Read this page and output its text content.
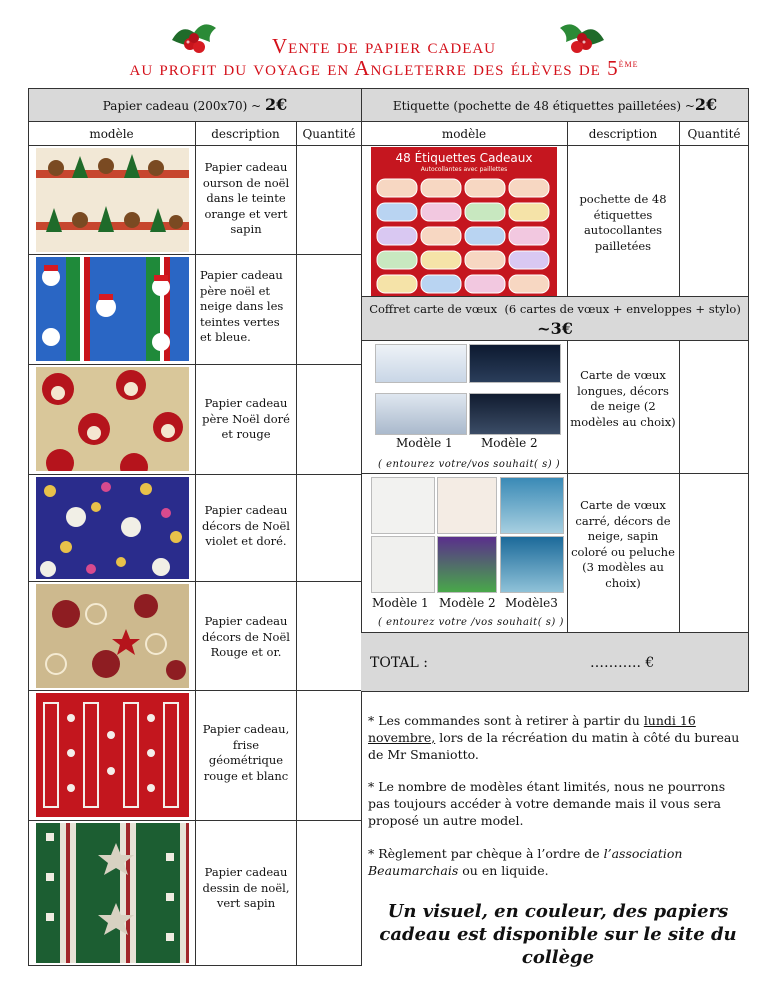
Vente de papier cadeau
au profit du voyage en Angleterre des élèves de 5ème
Papier cadeau (200x70) ~ 2€
modèle	description	Quantité
Papier cadeau ourson de noël dans le teinte orange et vert sapin
Papier cadeau père noël et neige dans les teintes vertes et bleue.
Papier cadeau père Noël doré et rouge
Papier cadeau décors de Noël violet et doré.
Papier cadeau décors de Noël Rouge et or.
Papier cadeau, frise géométrique rouge et blanc
Papier cadeau dessin de noël, vert sapin
Etiquette (pochette de 48 étiquettes pailletées) ~2€
modèle	description	Quantité
48 Étiquettes Cadeaux
Autocollantes avec paillettes
pochette de 48 étiquettes autocollantes pailletées
Coffret carte de vœux (6 cartes de vœux + enveloppes + stylo)
~3€
Modèle 1 Modèle 2
( entourez votre/vos souhait( s) )
Carte de vœux longues, décors de neige (2 modèles au choix)
Modèle 1 Modèle 2 Modèle3
( entourez votre /vos souhait( s) )
Carte de vœux carré, décors de neige, sapin coloré ou peluche (3 modèles au choix)
TOTAL :	……….. €
* Les commandes sont à retirer à partir du lundi 16 novembre, lors de la récréation du matin à côté du bureau de Mr Smaniotto.
* Le nombre de modèles étant limités, nous ne pourrons pas toujours accéder à votre demande mais il vous sera proposé un autre model.
* Règlement par chèque à l’ordre de l’association Beaumarchais ou en liquide.
Un visuel, en couleur, des papiers cadeau est disponible sur le site du collège
